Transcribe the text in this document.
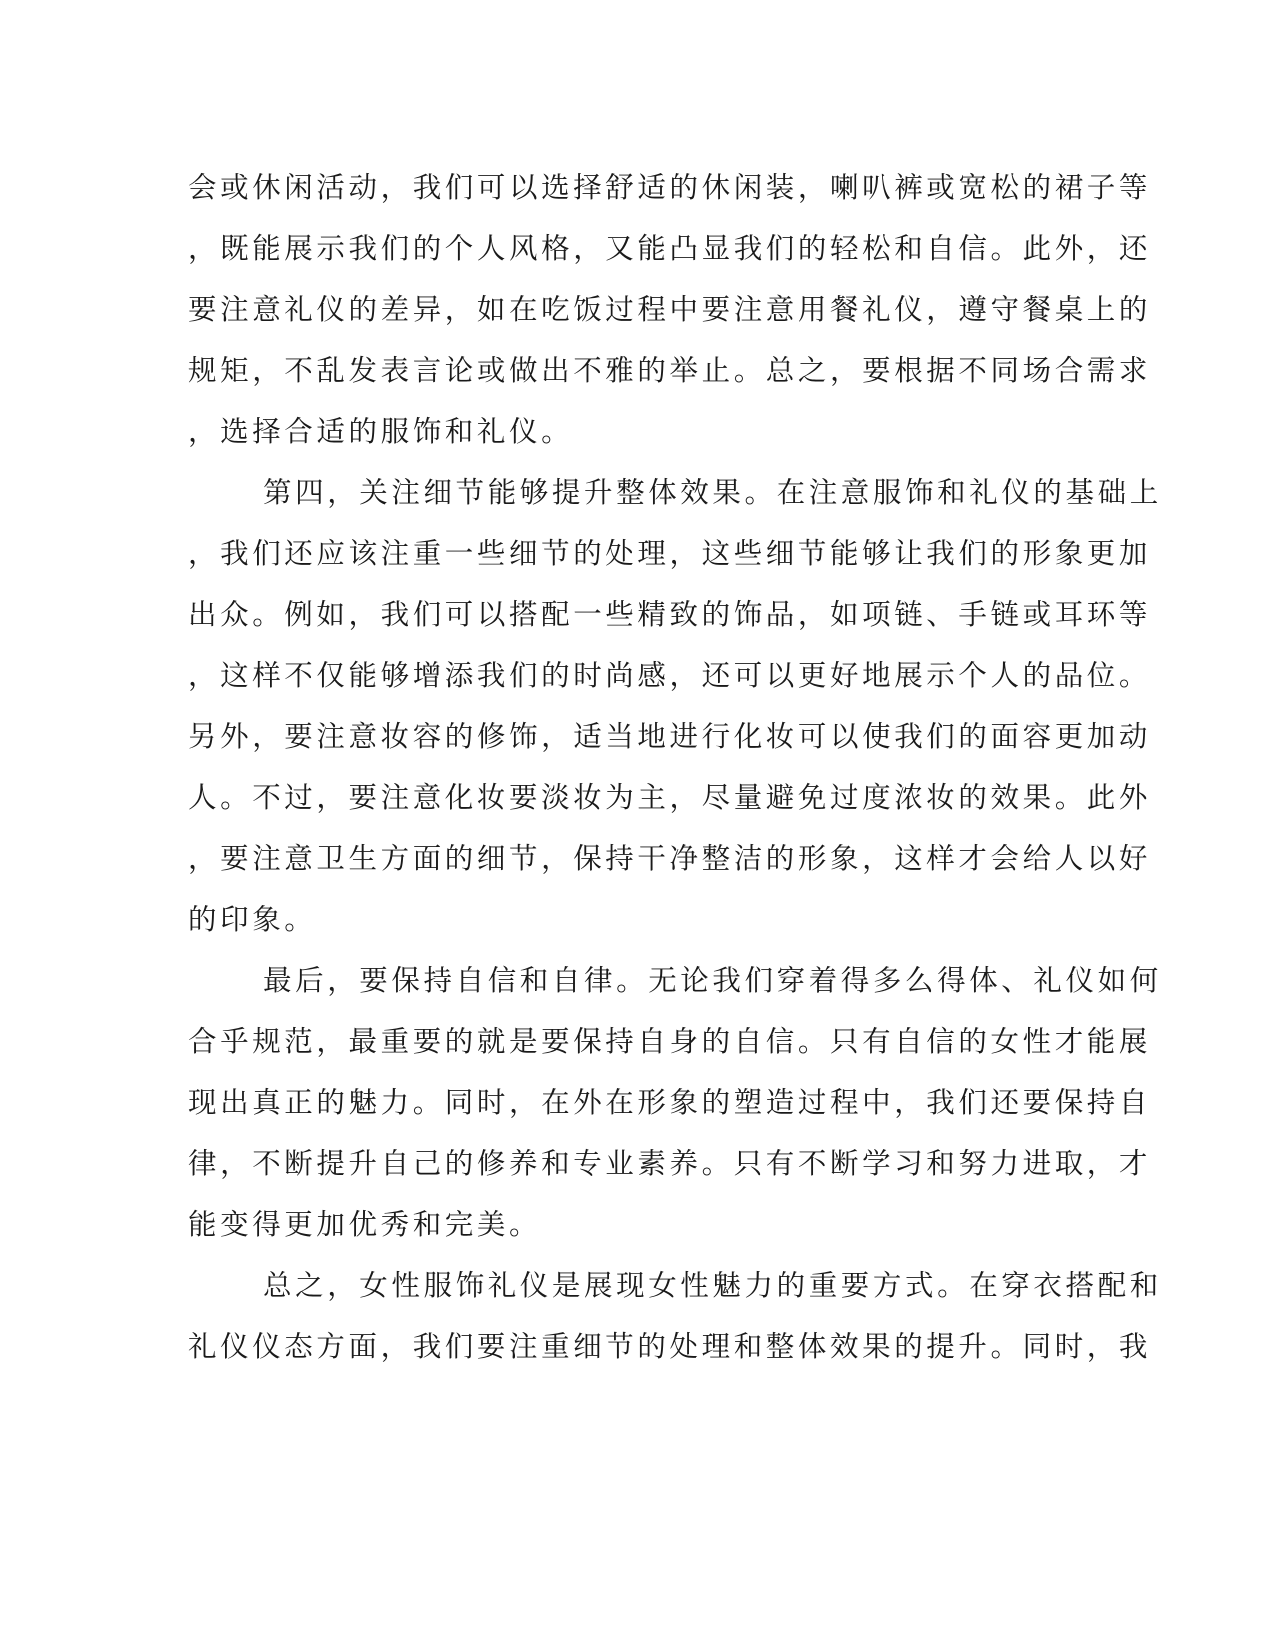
会或休闲活动，我们可以选择舒适的休闲装，喇叭裤或宽松的裙子等
，既能展示我们的个人风格，又能凸显我们的轻松和自信。此外，还
要注意礼仪的差异，如在吃饭过程中要注意用餐礼仪，遵守餐桌上的
规矩，不乱发表言论或做出不雅的举止。总之，要根据不同场合需求
，选择合适的服饰和礼仪。
第四，关注细节能够提升整体效果。在注意服饰和礼仪的基础上
，我们还应该注重一些细节的处理，这些细节能够让我们的形象更加
出众。例如，我们可以搭配一些精致的饰品，如项链、手链或耳环等
，这样不仅能够增添我们的时尚感，还可以更好地展示个人的品位。
另外，要注意妆容的修饰，适当地进行化妆可以使我们的面容更加动
人。不过，要注意化妆要淡妆为主，尽量避免过度浓妆的效果。此外
，要注意卫生方面的细节，保持干净整洁的形象，这样才会给人以好
的印象。
最后，要保持自信和自律。无论我们穿着得多么得体、礼仪如何
合乎规范，最重要的就是要保持自身的自信。只有自信的女性才能展
现出真正的魅力。同时，在外在形象的塑造过程中，我们还要保持自
律，不断提升自己的修养和专业素养。只有不断学习和努力进取，才
能变得更加优秀和完美。
总之，女性服饰礼仪是展现女性魅力的重要方式。在穿衣搭配和
礼仪仪态方面，我们要注重细节的处理和整体效果的提升。同时，我
